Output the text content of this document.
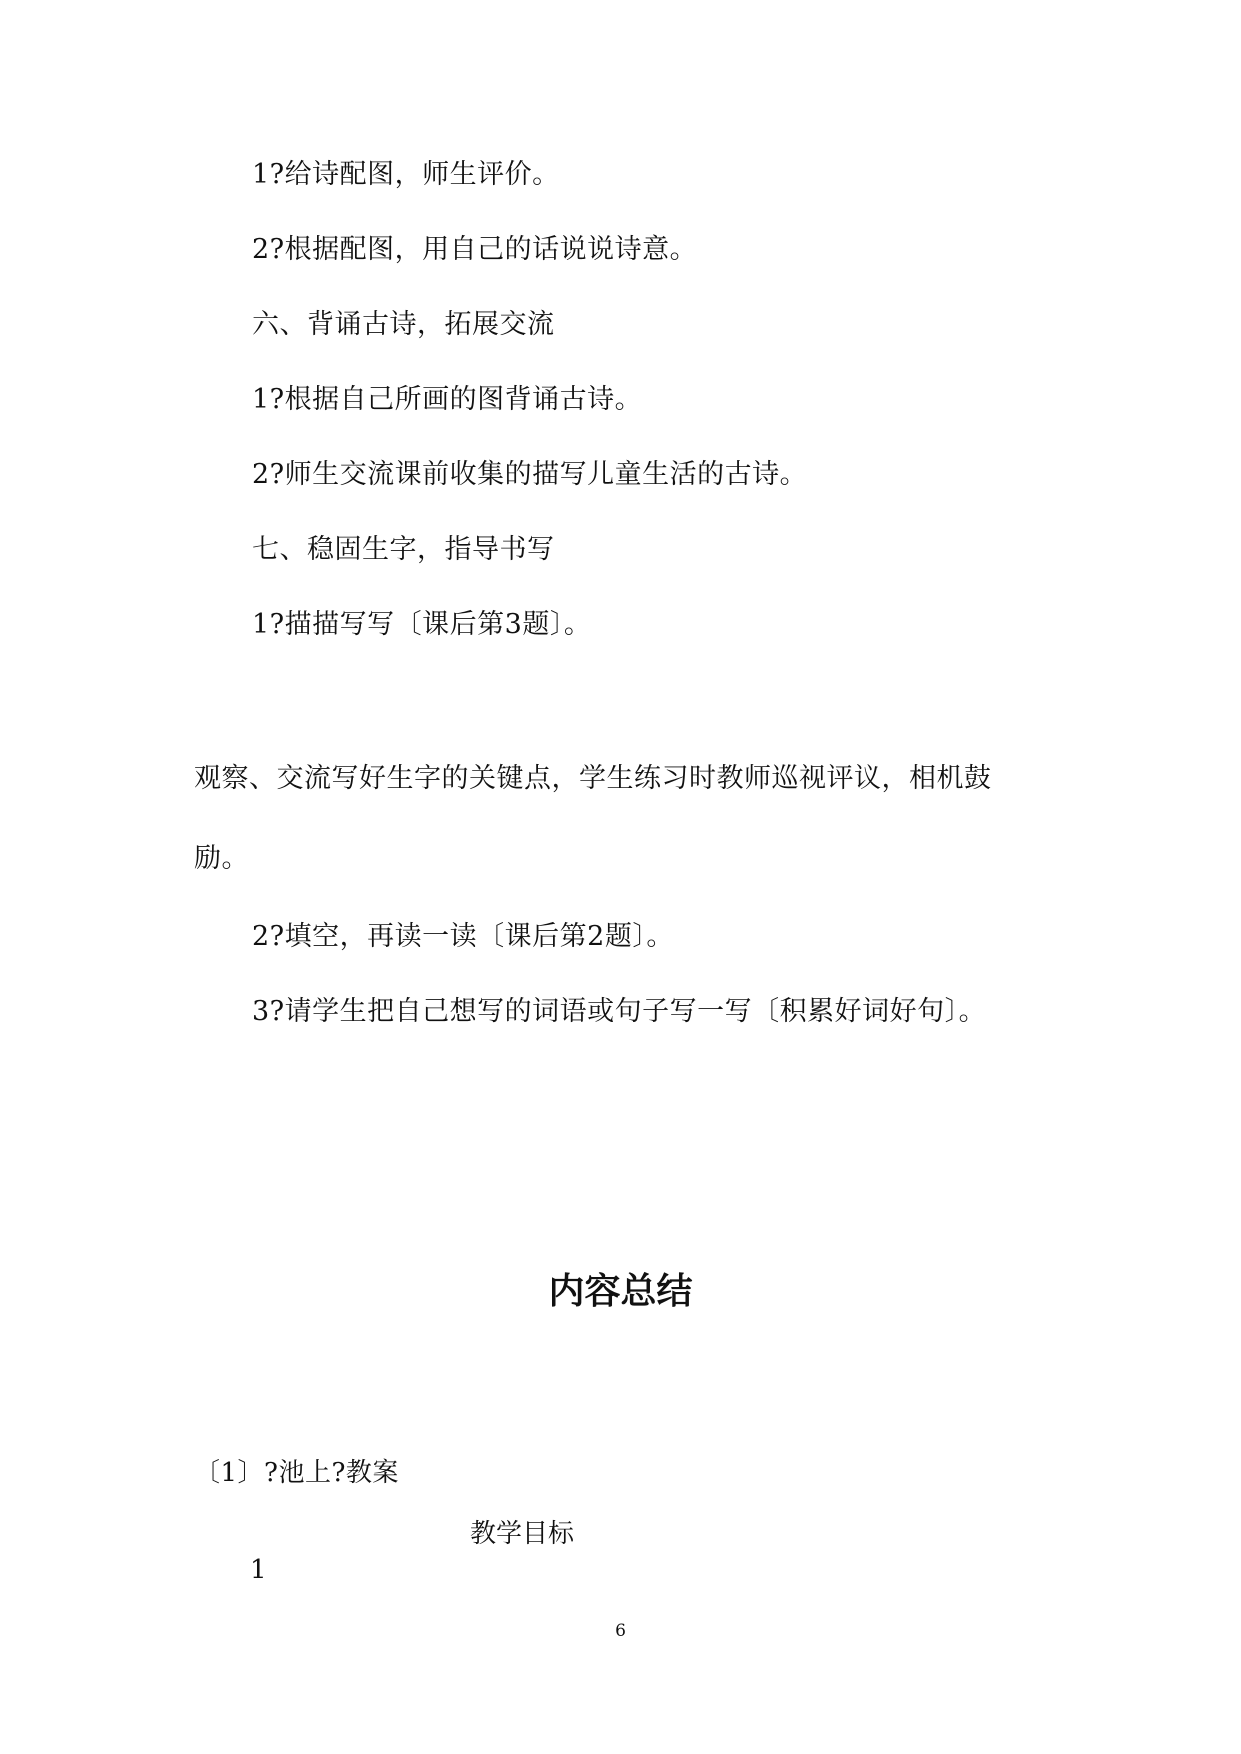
1?给诗配图，师生评价。
2?根据配图，用自己的话说说诗意。
六、背诵古诗，拓展交流
1?根据自己所画的图背诵古诗。
2?师生交流课前收集的描写儿童生活的古诗。
七、稳固生字，指导书写
1?描描写写〔课后第3题〕。
观察、交流写好生字的关键点，学生练习时教师巡视评议，相机鼓
励。
2?填空，再读一读〔课后第2题〕。
3?请学生把自己想写的词语或句子写一写〔积累好词好句〕。
内容总结
〔1〕?池上?教案
教学目标
1
6
